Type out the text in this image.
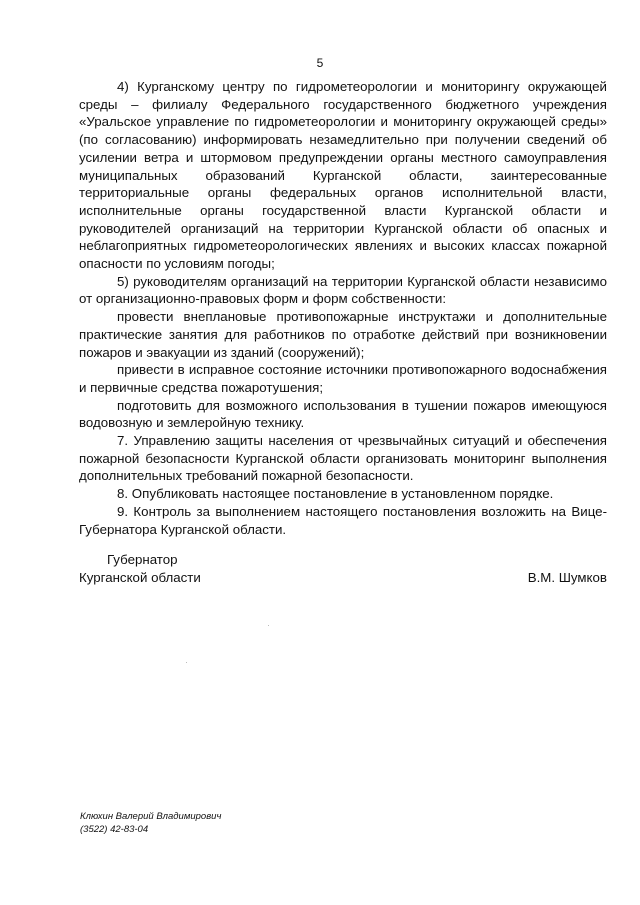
5

4) Курганскому центру по гидрометеорологии и мониторингу окружающей среды – филиалу Федерального государственного бюджетного учреждения «Уральское управление по гидрометеорологии и мониторингу окружающей среды» (по согласованию) информировать незамедлительно при получении сведений об усилении ветра и штормовом предупреждении органы местного самоуправления муниципальных образований Курганской области, заинтересованные территориальные органы федеральных органов исполнительной власти, исполнительные органы государственной власти Курганской области и руководителей организаций на территории Курганской области об опасных и неблагоприятных гидрометеорологических явлениях и высоких классах пожарной опасности по условиям погоды;

5) руководителям организаций на территории Курганской области независимо от организационно-правовых форм и форм собственности:

провести внеплановые противопожарные инструктажи и дополнительные практические занятия для работников по отработке действий при возникновении пожаров и эвакуации из зданий (сооружений);

привести в исправное состояние источники противопожарного водоснабжения и первичные средства пожаротушения;

подготовить для возможного использования в тушении пожаров имеющуюся водовозную и землеройную технику.

7. Управлению защиты населения от чрезвычайных ситуаций и обеспечения пожарной безопасности Курганской области организовать мониторинг выполнения дополнительных требований пожарной безопасности.

8. Опубликовать настоящее постановление в установленном порядке.

9. Контроль за выполнением настоящего постановления возложить на Вице-Губернатора Курганской области.

Губернатор
Курганской области	В.М. Шумков
Клюхин Валерий Владимирович
(3522) 42-83-04
